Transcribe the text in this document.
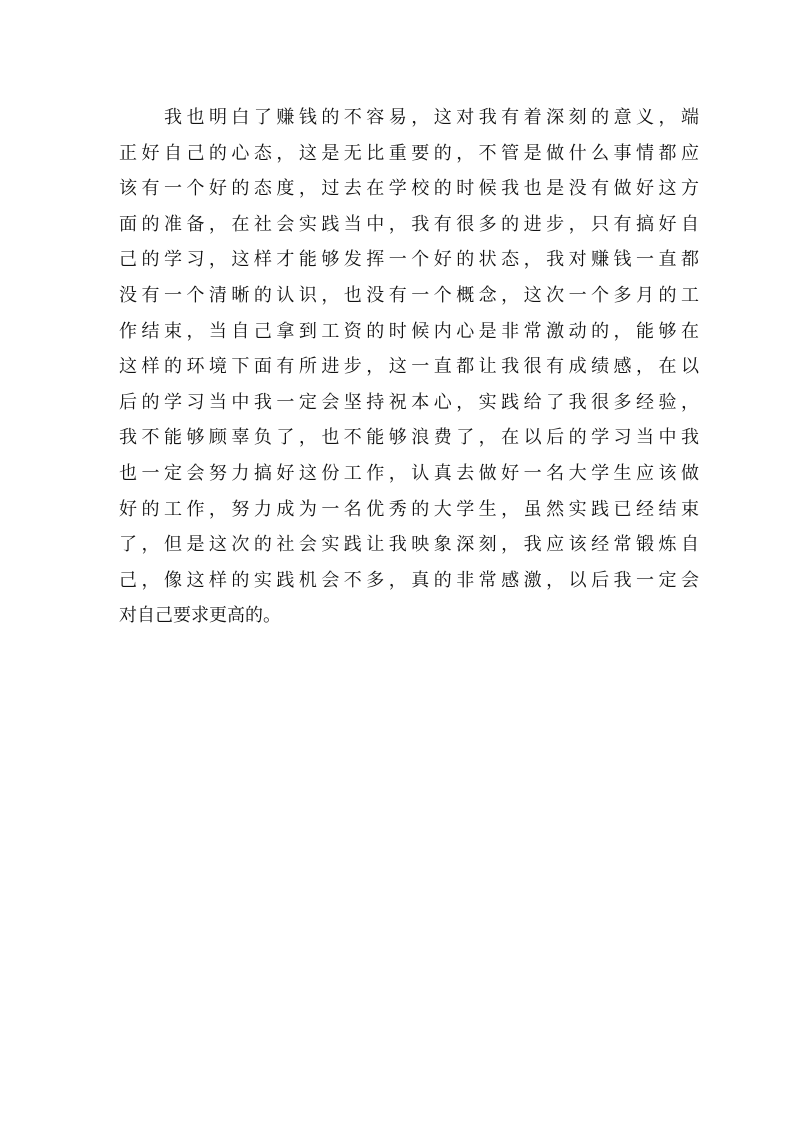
我也明白了赚钱的不容易，这对我有着深刻的意义，端
正好自己的心态，这是无比重要的，不管是做什么事情都应
该有一个好的态度，过去在学校的时候我也是没有做好这方
面的准备，在社会实践当中，我有很多的进步，只有搞好自
己的学习，这样才能够发挥一个好的状态，我对赚钱一直都
没有一个清晰的认识，也没有一个概念，这次一个多月的工
作结束，当自己拿到工资的时候内心是非常激动的，能够在
这样的环境下面有所进步，这一直都让我很有成绩感，在以
后的学习当中我一定会坚持祝本心，实践给了我很多经验，
我不能够顾辜负了，也不能够浪费了，在以后的学习当中我
也一定会努力搞好这份工作，认真去做好一名大学生应该做
好的工作，努力成为一名优秀的大学生，虽然实践已经结束
了，但是这次的社会实践让我映象深刻，我应该经常锻炼自
己，像这样的实践机会不多，真的非常感激，以后我一定会
对自己要求更高的。
